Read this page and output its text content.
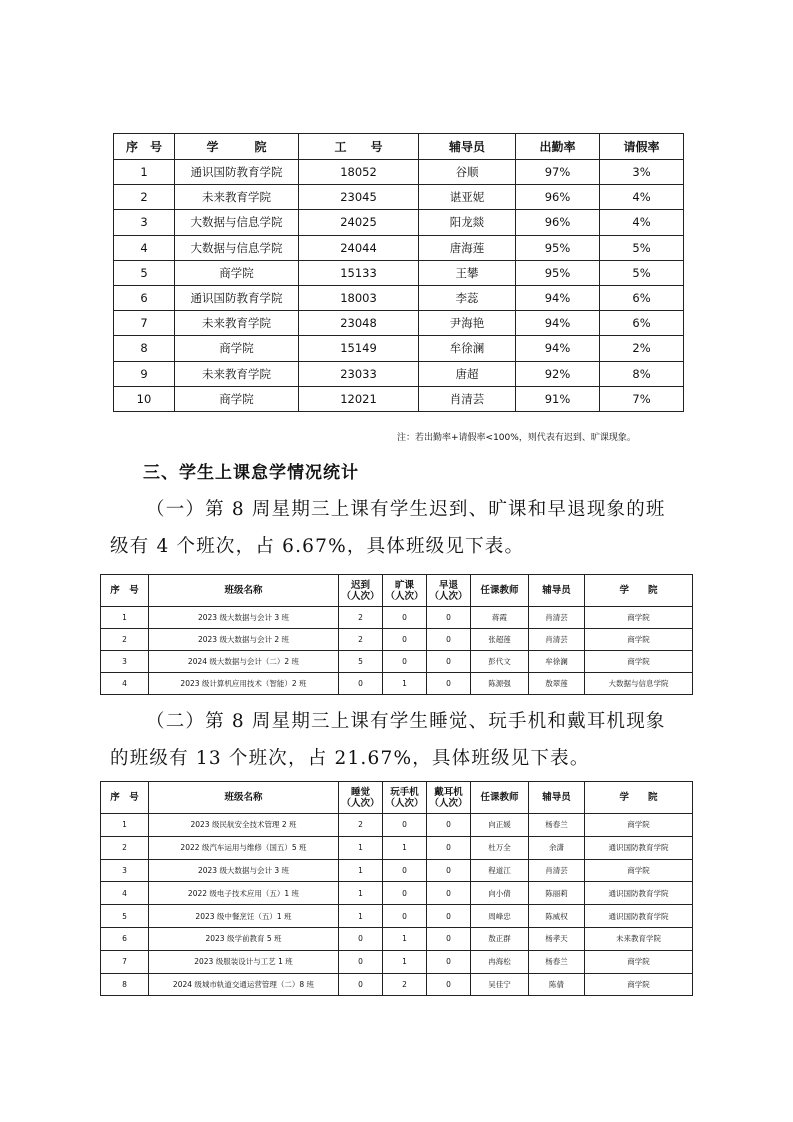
序　号	学　　　院	工　　号	辅导员	出勤率	请假率
1	通识国防教育学院	18052	谷顺	97%	3%
2	未来教育学院	23045	谌亚妮	96%	4%
3	大数据与信息学院	24025	阳龙燚	96%	4%
4	大数据与信息学院	24044	唐海莲	95%	5%
5	商学院	15133	王攀	95%	5%
6	通识国防教育学院	18003	李蕊	94%	6%
7	未来教育学院	23048	尹海艳	94%	6%
8	商学院	15149	牟徐澜	94%	2%
9	未来教育学院	23033	唐超	92%	8%
10	商学院	12021	肖清芸	91%	7%
注：若出勤率+请假率<100%，则代表有迟到、旷课现象。
三、学生上课怠学情况统计
（一）第 8 周星期三上课有学生迟到、旷课和早退现象的班
级有 4 个班次，占 6.67%，具体班级见下表。
序　号	班级名称	迟到
（人次）	旷课
（人次）	早退
（人次）	任课教师	辅导员	学　　院
1	2023 级大数据与会计 3 班	2	0	0	蒋霞	肖清芸	商学院
2	2023 级大数据与会计 2 班	2	0	0	张超莲	肖清芸	商学院
3	2024 级大数据与会计（二）2 班	5	0	0	彭代文	牟徐澜	商学院
4	2023 级计算机应用技术（智能）2 班	0	1	0	陈源强	敖翠莲	大数据与信息学院
（二）第 8 周星期三上课有学生睡觉、玩手机和戴耳机现象
的班级有 13 个班次，占 21.67%，具体班级见下表。
序　号	班级名称	睡觉
（人次）	玩手机
（人次）	戴耳机
（人次）	任课教师	辅导员	学　　院
1	2023 级民航安全技术管理 2 班	2	0	0	向正媛	杨春兰	商学院
2	2022 级汽车运用与维修（国五）5 班	1	1	0	杜万全	余潇	通识国防教育学院
3	2023 级大数据与会计 3 班	1	0	0	程道江	肖清芸	商学院
4	2022 级电子技术应用（五）1 班	1	0	0	向小倩	陈丽莉	通识国防教育学院
5	2023 级中餐烹饪（五）1 班	1	0	0	周峰忠	陈威权	通识国防教育学院
6	2023 级学前教育 5 班	0	1	0	敖正群	杨孝天	未来教育学院
7	2023 级服装设计与工艺 1 班	0	1	0	冉海松	杨春兰	商学院
8	2024 级城市轨道交通运营管理（二）8 班	0	2	0	吴佳宁	陈倩	商学院
